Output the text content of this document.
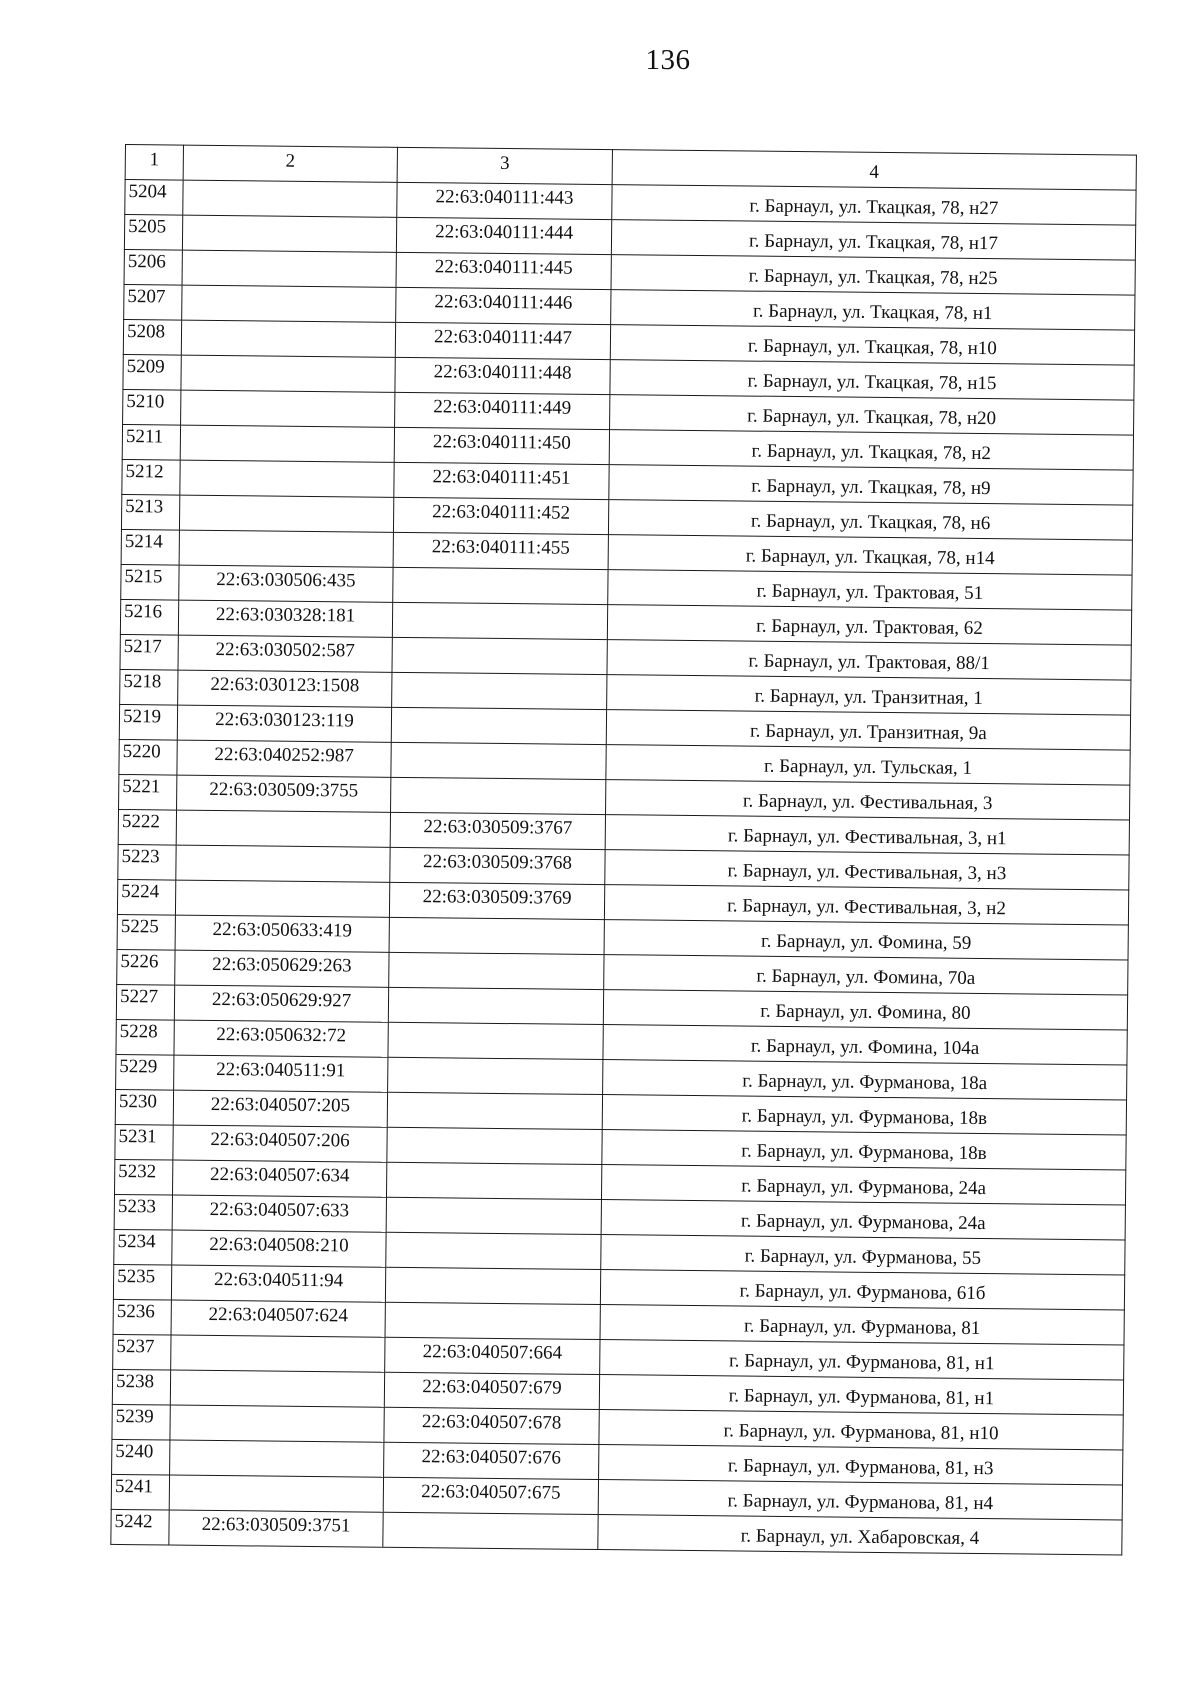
136
1	2	3	4
5204		22:63:040111:443	г. Барнаул, ул. Ткацкая, 78, н27
5205		22:63:040111:444	г. Барнаул, ул. Ткацкая, 78, н17
5206		22:63:040111:445	г. Барнаул, ул. Ткацкая, 78, н25
5207		22:63:040111:446	г. Барнаул, ул. Ткацкая, 78, н1
5208		22:63:040111:447	г. Барнаул, ул. Ткацкая, 78, н10
5209		22:63:040111:448	г. Барнаул, ул. Ткацкая, 78, н15
5210		22:63:040111:449	г. Барнаул, ул. Ткацкая, 78, н20
5211		22:63:040111:450	г. Барнаул, ул. Ткацкая, 78, н2
5212		22:63:040111:451	г. Барнаул, ул. Ткацкая, 78, н9
5213		22:63:040111:452	г. Барнаул, ул. Ткацкая, 78, н6
5214		22:63:040111:455	г. Барнаул, ул. Ткацкая, 78, н14
5215	22:63:030506:435		г. Барнаул, ул. Трактовая, 51
5216	22:63:030328:181		г. Барнаул, ул. Трактовая, 62
5217	22:63:030502:587		г. Барнаул, ул. Трактовая, 88/1
5218	22:63:030123:1508		г. Барнаул, ул. Транзитная, 1
5219	22:63:030123:119		г. Барнаул, ул. Транзитная, 9а
5220	22:63:040252:987		г. Барнаул, ул. Тульская, 1
5221	22:63:030509:3755		г. Барнаул, ул. Фестивальная, 3
5222		22:63:030509:3767	г. Барнаул, ул. Фестивальная, 3, н1
5223		22:63:030509:3768	г. Барнаул, ул. Фестивальная, 3, н3
5224		22:63:030509:3769	г. Барнаул, ул. Фестивальная, 3, н2
5225	22:63:050633:419		г. Барнаул, ул. Фомина, 59
5226	22:63:050629:263		г. Барнаул, ул. Фомина, 70а
5227	22:63:050629:927		г. Барнаул, ул. Фомина, 80
5228	22:63:050632:72		г. Барнаул, ул. Фомина, 104а
5229	22:63:040511:91		г. Барнаул, ул. Фурманова, 18а
5230	22:63:040507:205		г. Барнаул, ул. Фурманова, 18в
5231	22:63:040507:206		г. Барнаул, ул. Фурманова, 18в
5232	22:63:040507:634		г. Барнаул, ул. Фурманова, 24а
5233	22:63:040507:633		г. Барнаул, ул. Фурманова, 24а
5234	22:63:040508:210		г. Барнаул, ул. Фурманова, 55
5235	22:63:040511:94		г. Барнаул, ул. Фурманова, 61б
5236	22:63:040507:624		г. Барнаул, ул. Фурманова, 81
5237		22:63:040507:664	г. Барнаул, ул. Фурманова, 81, н1
5238		22:63:040507:679	г. Барнаул, ул. Фурманова, 81, н1
5239		22:63:040507:678	г. Барнаул, ул. Фурманова, 81, н10
5240		22:63:040507:676	г. Барнаул, ул. Фурманова, 81, н3
5241		22:63:040507:675	г. Барнаул, ул. Фурманова, 81, н4
5242	22:63:030509:3751		г. Барнаул, ул. Хабаровская, 4
